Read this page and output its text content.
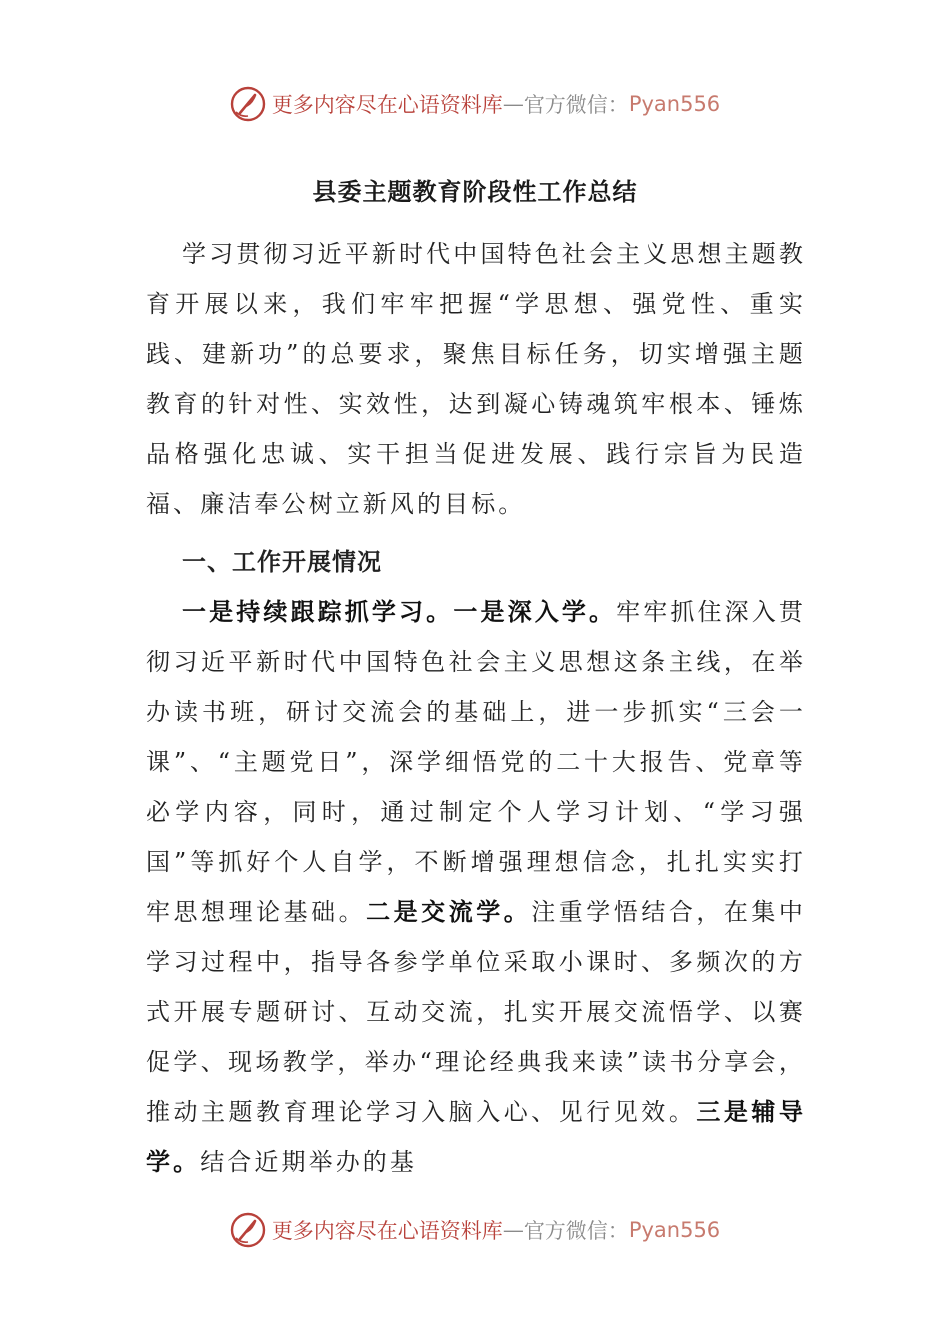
更多内容尽在心语资料库 — 官方微信： Pyan556
县委主题教育阶段性工作总结

学习贯彻习近平新时代中国特色社会主义思想主题教育开展以来，我们牢牢把握“学思想、强党性、重实践、建新功”的总要求，聚焦目标任务，切实增强主题教育的针对性、实效性，达到凝心铸魂筑牢根本、锤炼品格强化忠诚、实干担当促进发展、践行宗旨为民造福、廉洁奉公树立新风的目标。

一、工作开展情况

一是持续跟踪抓学习。一是深入学。牢牢抓住深入贯彻习近平新时代中国特色社会主义思想这条主线，在举办读书班，研讨交流会的基础上，进一步抓实“三会一课”、“主题党日”，深学细悟党的二十大报告、党章等必学内容，同时，通过制定个人学习计划、“学习强国”等抓好个人自学，不断增强理想信念，扎扎实实打牢思想理论基础。二是交流学。注重学悟结合，在集中学习过程中，指导各参学单位采取小课时、多频次的方式开展专题研讨、互动交流，扎实开展交流悟学、以赛促学、现场教学，举办“理论经典我来读”读书分享会，推动主题教育理论学习入脑入心、见行见效。三是辅导学。结合近期举办的基

更多内容尽在心语资料库 — 官方微信： Pyan556
